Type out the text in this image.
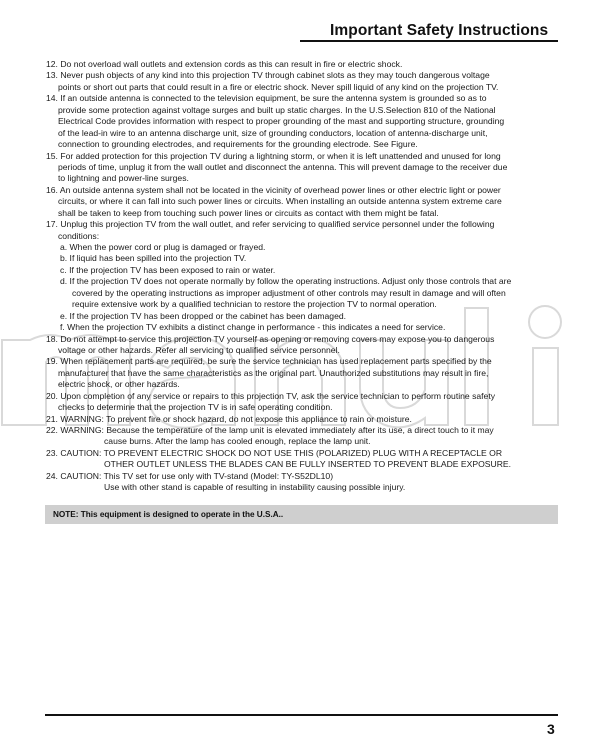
Important Safety Instructions
12. Do not overload wall outlets and extension cords as this can result in fire or electric shock.
13. Never push objects of any kind into this projection TV through cabinet slots as they may touch dangerous voltage
points or short out parts that could result in a fire or electric shock. Never spill liquid of any kind on the projection TV.
14. If an outside antenna is connected to the television equipment, be sure the antenna system is grounded so as to
provide some protection against voltage surges and built up static charges. In the U.S.Selection 810 of the National
Electrical Code provides information with respect to proper grounding of the mast and supporting structure, grounding
of the lead-in wire to an antenna discharge unit, size of grounding conductors, location of antenna-discharge unit,
connection to grounding electrodes, and requirements for the grounding electrode. See Figure.
15. For added protection for this projection TV during a lightning storm, or when it is left unattended and unused for long
periods of time, unplug it from the wall outlet and disconnect the antenna. This will prevent damage to the receiver due
to lightning and power-line surges.
16. An outside antenna system shall not be located in the vicinity of overhead power lines or other electric light or power
circuits, or where it can fall into such power lines or circuits. When installing an outside antenna system extreme care
shall be taken to keep from touching such power lines or circuits as contact with them might be fatal.
17. Unplug this projection TV from the wall outlet, and refer servicing to qualified service personnel under the following
conditions:
a. When the power cord or plug is damaged or frayed.
b. If liquid has been spilled into the projection TV.
c. If the projection TV has been exposed to rain or water.
d. If the projection TV does not operate normally by follow the operating instructions. Adjust only those controls that are
covered by the operating instructions as improper adjustment of other controls may result in damage and will often
require extensive work by a qualified technician to restore the projection TV to normal operation.
e. If the projection TV has been dropped or the cabinet has been damaged.
f. When the projection TV exhibits a distinct change in performance - this indicates a need for service.
18. Do not attempt to service this projection TV yourself as opening or removing covers may expose you to dangerous
voltage or other hazards. Refer all servicing to qualified service personnel.
19. When replacement parts are required, be sure the service technician has used replacement parts specified by the
manufacturer that have the same characteristics as the original part. Unauthorized substitutions may result in fire,
electric shock, or other hazards.
20. Upon completion of any service or repairs to this projection TV, ask the service technician to perform routine safety
checks to determine that the projection TV is in safe operating condition.
21. WARNING: To prevent fire or shock hazard, do not expose this appliance to rain or moisture.
22. WARNING: Because the temperature of the lamp unit is elevated immediately after its use, a direct touch to it may
cause burns. After the lamp has cooled enough, replace the lamp unit.
23. CAUTION: TO PREVENT ELECTRIC SHOCK DO NOT USE THIS (POLARIZED) PLUG WITH A RECEPTACLE OR
OTHER OUTLET UNLESS THE BLADES CAN BE FULLY INSERTED TO PREVENT BLADE EXPOSURE.
24. CAUTION: This TV set for use only with TV-stand (Model: TY-S52DL10)
Use with other stand is capable of resulting in instability causing possible injury.
NOTE: This equipment is designed to operate in the U.S.A..
3
